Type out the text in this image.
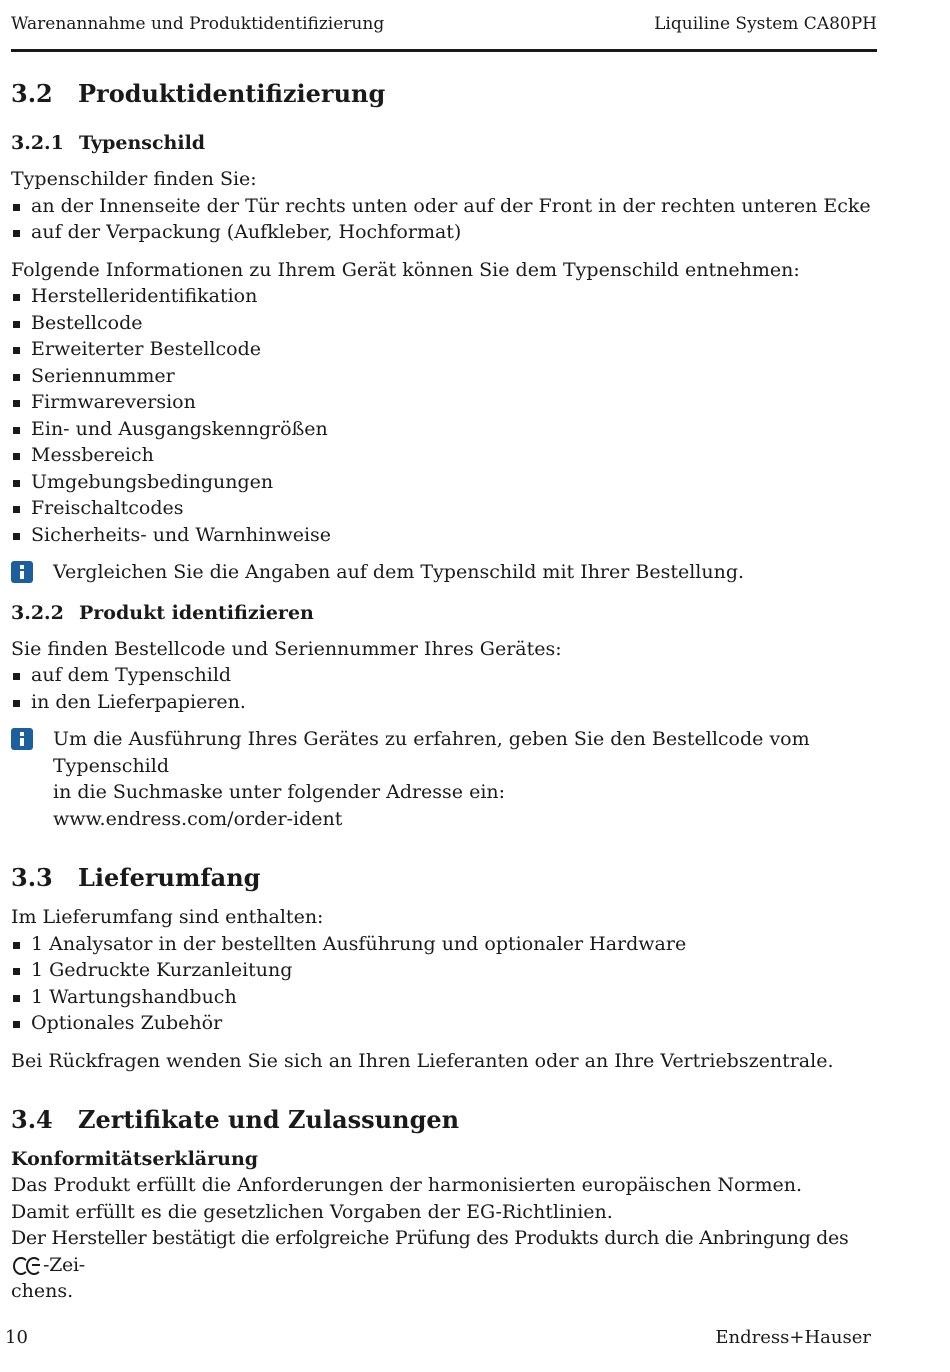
Warenannahme und Produktidentifizierung	Liquiline System CA80PH
3.2	Produktidentifizierung
3.2.1 Typenschild

Typenschilder finden Sie:

an der Innenseite der Tür rechts unten oder auf der Front in der rechten unteren Ecke
auf der Verpackung (Aufkleber, Hochformat)

Folgende Informationen zu Ihrem Gerät können Sie dem Typenschild entnehmen:

Herstelleridentifikation
Bestellcode
Erweiterter Bestellcode
Seriennummer
Firmwareversion
Ein- und Ausgangskenngrößen
Messbereich
Umgebungsbedingungen
Freischaltcodes
Sicherheits- und Warnhinweise

Vergleichen Sie die Angaben auf dem Typenschild mit Ihrer Bestellung.

3.2.2 Produkt identifizieren

Sie finden Bestellcode und Seriennummer Ihres Gerätes:

auf dem Typenschild
in den Lieferpapieren.

Um die Ausführung Ihres Gerätes zu erfahren, geben Sie den Bestellcode vom Typenschild

in die Suchmaske unter folgender Adresse ein:

www.endress.com/order-ident

3.3	Lieferumfang

Im Lieferumfang sind enthalten:

1 Analysator in der bestellten Ausführung und optionaler Hardware
1 Gedruckte Kurzanleitung
1 Wartungshandbuch
Optionales Zubehör

Bei Rückfragen wenden Sie sich an Ihren Lieferanten oder an Ihre Vertriebszentrale.

3.4	Zertifikate und Zulassungen
Konformitätserklärung

Das Produkt erfüllt die Anforderungen der harmonisierten europäischen Normen.

Damit erfüllt es die gesetzlichen Vorgaben der EG-Richtlinien.

Der Hersteller bestätigt die erfolgreiche Prüfung des Produkts durch die Anbringung des
-Zei-

chens.

10	Endress+Hauser
